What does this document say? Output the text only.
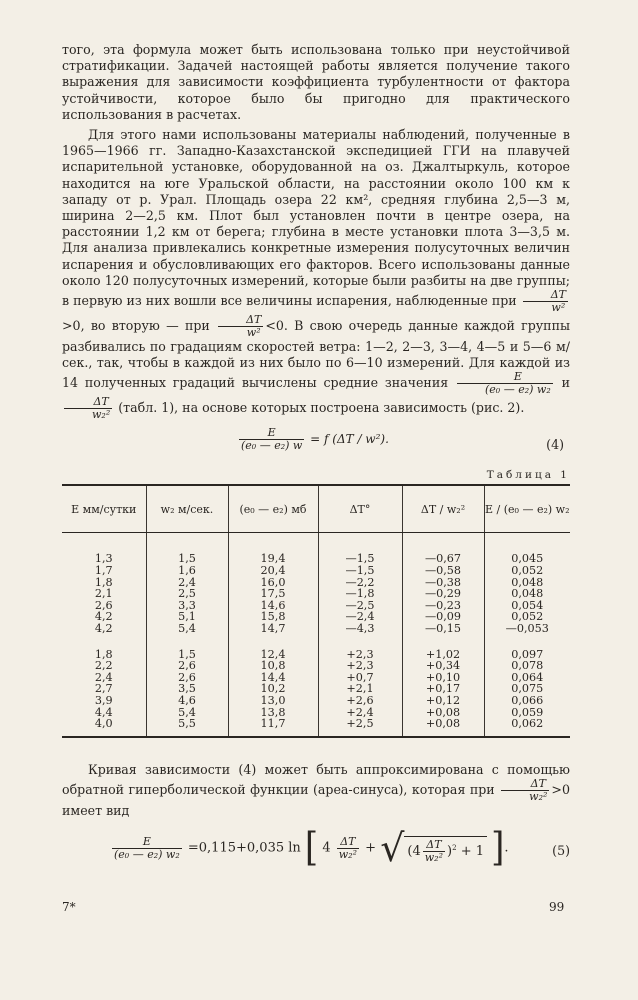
того, эта формула может быть использована только при неустойчивой стратификации. Задачей настоящей работы является получение такого выражения для зависимости коэффициента турбулентности от фактора устойчивости, которое было бы пригодно для практического использования в расчетах.

Для этого нами использованы материалы наблюдений, полученные в 1965—1966 гг. Западно-Казахстанской экспедицией ГГИ на плавучей испарительной установке, оборудованной на оз. Джалтыркуль, которое находится на юге Уральской области, на расстоянии около 100 км к западу от р. Урал. Площадь озера 22 км², средняя глубина 2,5—3 м, ширина 2—2,5 км. Плот был установлен почти в центре озера, на расстоянии 1,2 км от берега; глубина в месте установки плота 3—3,5 м. Для анализа привлекались конкретные измерения полусуточных величин испарения и обусловливающих его факторов. Всего использованы данные около 120 полусуточных измерений, которые были разбиты на две группы; в первую из них вошли все величины испарения, наблюденные при $\frac{\Delta T}{\text{w²}}$
>0, во вторую — при $\frac{\Delta T}{\text{w²}} <0$. В свою очередь данные каждой группы разбивались по градациям скоростей ветра: 1—2, 2—3, 3—4, 4—5 и 5—6 м/сек., так, чтобы в каждой из них было по 6—10 измерений. Для каждой из 14 полученных градаций вычислены средние значения $\frac{E}{\text{(e₀ — e₂) w₂}}$ и
$\frac{\Delta T}{\text{w₂²}}$ (табл. 1), на основе которых построена зависимость (рис. 2).

$\frac{E}{\text{(e₀ — e₂) w}} = f$ (ΔT / w²).	(4)
Таблица 1
E мм/сутки	w₂ м/сек.	(e₀ — e₂) мб	ΔT°	ΔT / w₂²	E / (e₀ — e₂) w₂
1,3	1,5	19,4	—1,5	—0,67	0,045
1,7	1,6	20,4	—1,5	—0,58	0,052
1,8	2,4	16,0	—2,2	—0,38	0,048
2,1	2,5	17,5	—1,8	—0,29	0,048
2,6	3,3	14,6	—2,5	—0,23	0,054
4,2	5,1	15,8	—2,4	—0,09	0,052
4,2	5,4	14,7	—4,3	—0,15	—0,053
1,8	1,5	12,4	+2,3	+1,02	0,097
2,2	2,6	10,8	+2,3	+0,34	0,078
2,4	2,6	14,4	+0,7	+0,10	0,064
2,7	3,5	10,2	+2,1	+0,17	0,075
3,9	4,6	13,0	+2,6	+0,12	0,066
4,4	5,4	13,8	+2,4	+0,08	0,059
4,0	5,5	11,7	+2,5	+0,08	0,062

Кривая зависимости (4) может быть аппроксимирована с помощью обратной гиперболической функции (ареа-синуса), которая при $\frac{\Delta T}{\text{w₂²}} >0$ имеет вид

$\frac{E}{\text{(e₀ — e₂) w₂}} =0,115+0,035$ ln [ $4 \frac{\Delta T}{\text{w₂²}}$ + √ $(4 \frac{\Delta T}{\text{w₂²}} )^2 + 1$ ].	(5)
7*	99
